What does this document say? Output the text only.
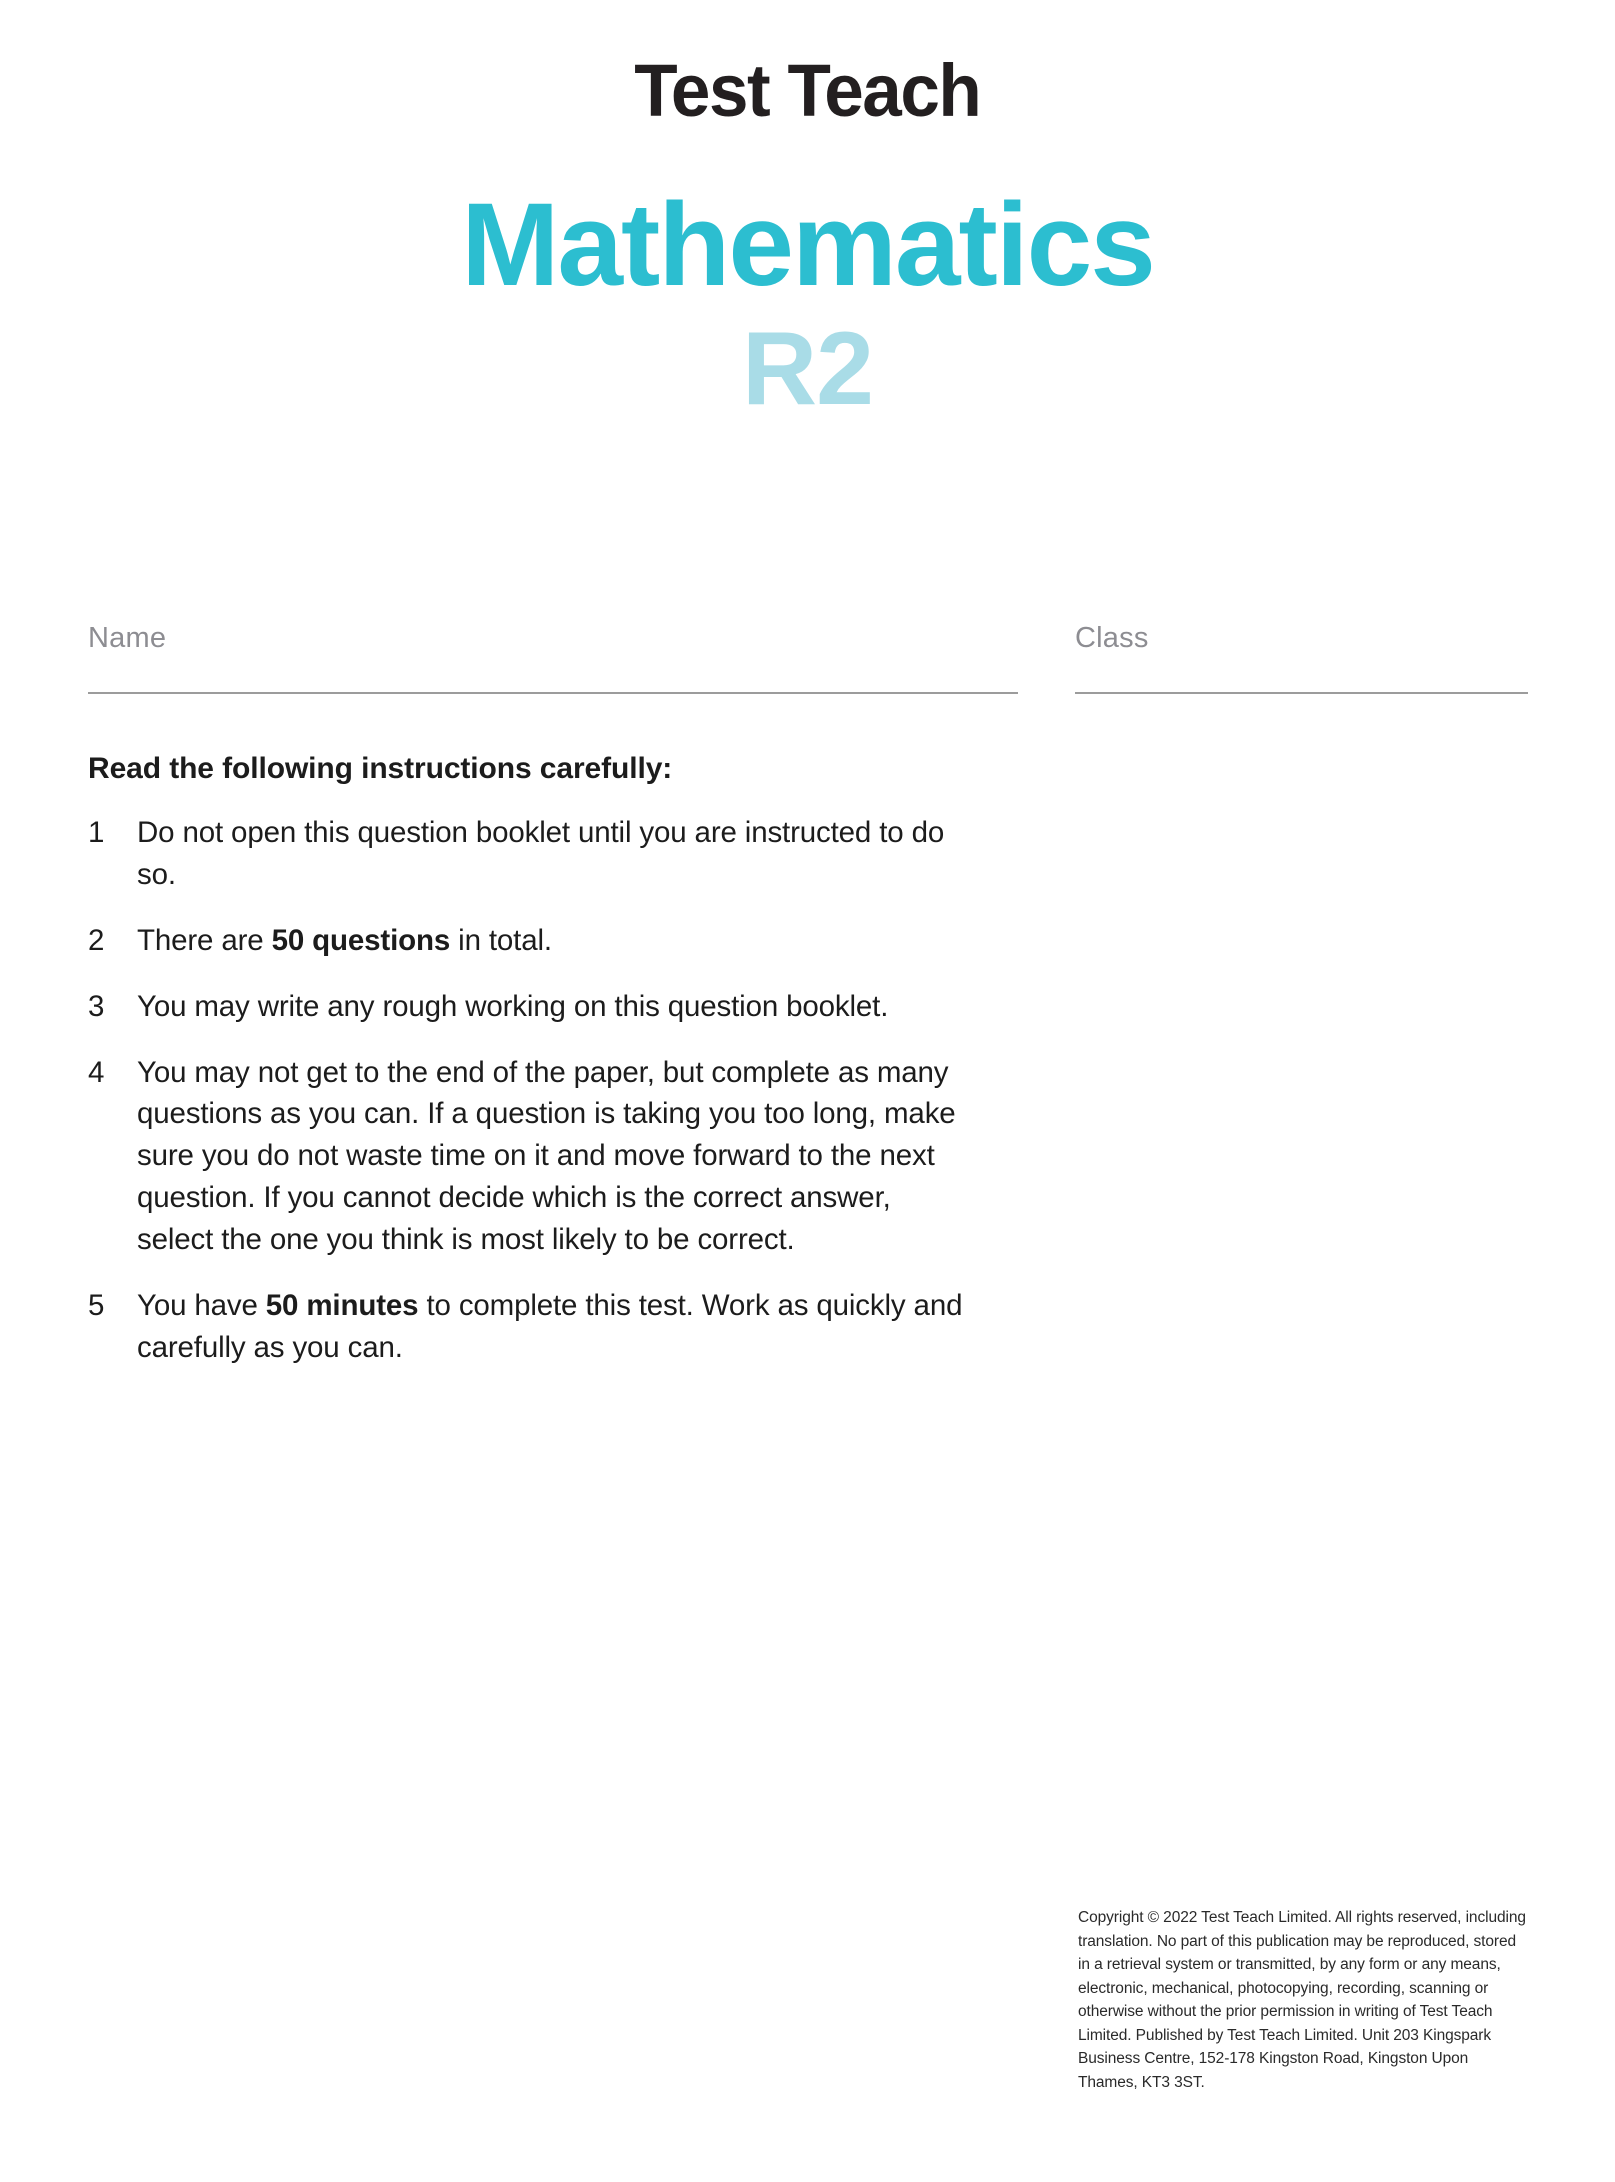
Test Teach
Mathematics
R2
Name	Class

Read the following instructions carefully:

1 Do not open this question booklet until you are instructed to do so.
2 There are 50 questions in total.
3 You may write any rough working on this question booklet.
4 You may not get to the end of the paper, but complete as many questions as you can. If a question is taking you too long, make sure you do not waste time on it and move forward to the next question. If you cannot decide which is the correct answer, select the one you think is most likely to be correct.
5 You have 50 minutes to complete this test. Work as quickly and carefully as you can.
Copyright © 2022 Test Teach Limited. All rights reserved, including translation. No part of this publication may be reproduced, stored in a retrieval system or transmitted, by any form or any means, electronic, mechanical, photocopying, recording, scanning or otherwise without the prior permission in writing of Test Teach Limited. Published by Test Teach Limited. Unit 203 Kingspark Business Centre, 152-178 Kingston Road, Kingston Upon Thames, KT3 3ST.
